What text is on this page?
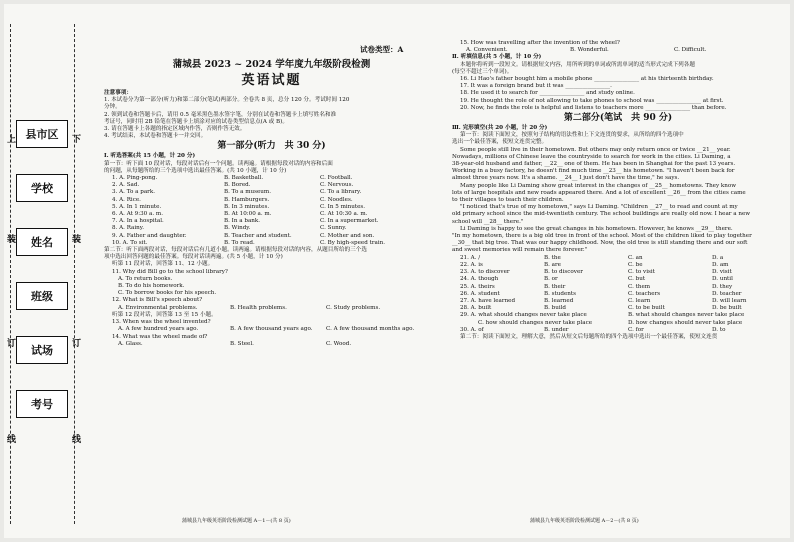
上	下
装	装
订	订
线	线
县市区
学校
姓名
班级
试场
考号
试卷类型：A

蒲城县 2023 ~ 2024 学年度九年级阶段检测

英语试题

注意事项：

1. 本试卷分为第一部分(听力)和第二部分(笔试)两部分。全卷共 8 页，总分 120 分。考试时间 120

分钟。

2. 领到试卷和答题卡后，请用 0.5 毫米黑色墨水签字笔，分别在试卷和答题卡上填写姓名和准

考证号，同时用 2B 铅笔在答题卡上填涂对应的试卷类型信息点(A 或 B)。

3. 请在答题卡上各题的指定区域内作答，否则作答无效。

4. 考试结束，本试卷和答题卡一并交回。

第一部分(听力　共 30 分)

Ⅰ. 听选答案(共 15 小题，计 20 分)

第一节：听下面 10 段对话，每段对话后有一个问题。读两遍。请根据每段对话的内容和后面

的问题，从每题所给的三个选项中选出最佳答案。(共 10 小题，计 10 分)

1. A. Ping-pong.	B. Basketball.	C. Football.
2. A. Sad.	B. Bored.	C. Nervous.
3. A. To a park.	B. To a museum.	C. To a library.
4. A. Rice.	B. Hamburgers.	C. Noodles.
5. A. In 1 minute.	B. In 3 minutes.	C. In 5 minutes.
6. A. At 9:30 a. m.	B. At 10:00 a. m.	C. At 10:30 a. m.
7. A. In a hospital.	B. In a bank.	C. In a supermarket.
8. A. Rainy.	B. Windy.	C. Sunny.
9. A. Father and daughter.	B. Teacher and student.	C. Mother and son.
10. A. To sit.	B. To read.	C. By high-speed train.

第二节：听下面两段对话，每段对话后有几道小题。读两遍。请根据每段对话的内容，从题目所给的三个选

项中选出回答问题的最佳答案。每段对话读两遍。(共 5 小题，计 10 分)

听第 11 段对话，回答第 11、12 小题。

11. Why did Bill go to the school library?

A. To return books.

B. To do his homework.

C. To borrow books for his speech.

12. What is Bill's speech about?

A. Environmental problems.	B. Health problems.	C. Study problems.

听第 12 段对话，回答第 13 至 15 小题。

13. When was the wheel invented?

A. A few hundred years ago.	B. A few thousand years ago.	C. A few thousand months ago.

14. What was the wheel made of?

A. Glass.	B. Steel.	C. Wood.
蒲城县九年级英语阶段检测试题 A－1－(共 8 页)

15. How was travelling after the invention of the wheel?

A. Convenient.	B. Wonderful.	C. Difficult.

Ⅱ. 听填信息(共 5 小题，计 10 分)

本题你将听到一段短文。请根据短文内容，用所听到的单词或所需单词的适当形式完成下列各题

(每空不超过三个单词)。

16. Li Hao's father bought him a mobile phone ________________ at his thirteenth birthday.

17. It was a foreign brand but it was ________________.

18. He used it to search for ________________ and study online.

19. He thought the role of not allowing to take phones to school was ________________ at first.

20. Now, he finds the role is helpful and listens to teachers more ________________ than before.

第二部分(笔试　共 90 分)

Ⅲ. 完形填空(共 20 小题，计 20 分)

第一节：阅读下面短文，按照句子结构的语法性和上下文连贯的要求，从所给的四个选项中

选出一个最佳答案，使短文连贯完整。

Some people still live in their hometown. But others may only return once or twice __21__ year.

Nowadays, millions of Chinese leave the countryside to search for work in the cities. Li Daming, a

38-year-old husband and father, __22__ one of them. He has been in Shanghai for the past 13 years.

Working in a busy factory, he doesn't find much time __23__ his hometown. "I haven't been back for

almost three years now. It's a shame. __24__ I just don't have the time," he says.

Many people like Li Daming show great interest in the changes of __25__ hometowns. They know

lots of large hospitals and new roads appeared there. And a lot of excellent __26__ from the cities came

to their villages to teach their children.

"I noticed that's true of my hometown," says Li Daming. "Children __27__ to read and count at my

old primary school since the mid-twentieth century. The school buildings are really old now. I hear a new

school will __28__ there."

Li Daming is happy to see the great changes in his hometown. However, he knows __29__ there.

"In my hometown, there is a big old tree in front of the school. Most of the children liked to play together

__30__ that big tree. That was our happy childhood. Now, the old tree is still standing there and our soft

and sweet memories will remain there forever."

21. A. /	B. the	C. an	D. a
22. A. is	B. are	C. be	D. am
23. A. to discover	B. to discover	C. to visit	D. visit
24. A. though	B. or	C. but	D. until
25. A. theirs	B. their	C. them	D. they
26. A. student	B. students	C. teachers	D. teacher
27. A. have learned	B. learned	C. learn	D. will learn
28. A. built	B. build	C. to be built	D. be built
29. A. what should changes never take place	B. what should changes never take place
C. how should changes never take place	D. how changes should never take place
30. A. of	B. under	C. for	D. to

第二节：阅读下面短文，理解大意，然后从短文后每题所给的四个选项中选出一个最佳答案，使短文连贯

蒲城县九年级英语阶段检测试题 A－2－(共 8 页)
